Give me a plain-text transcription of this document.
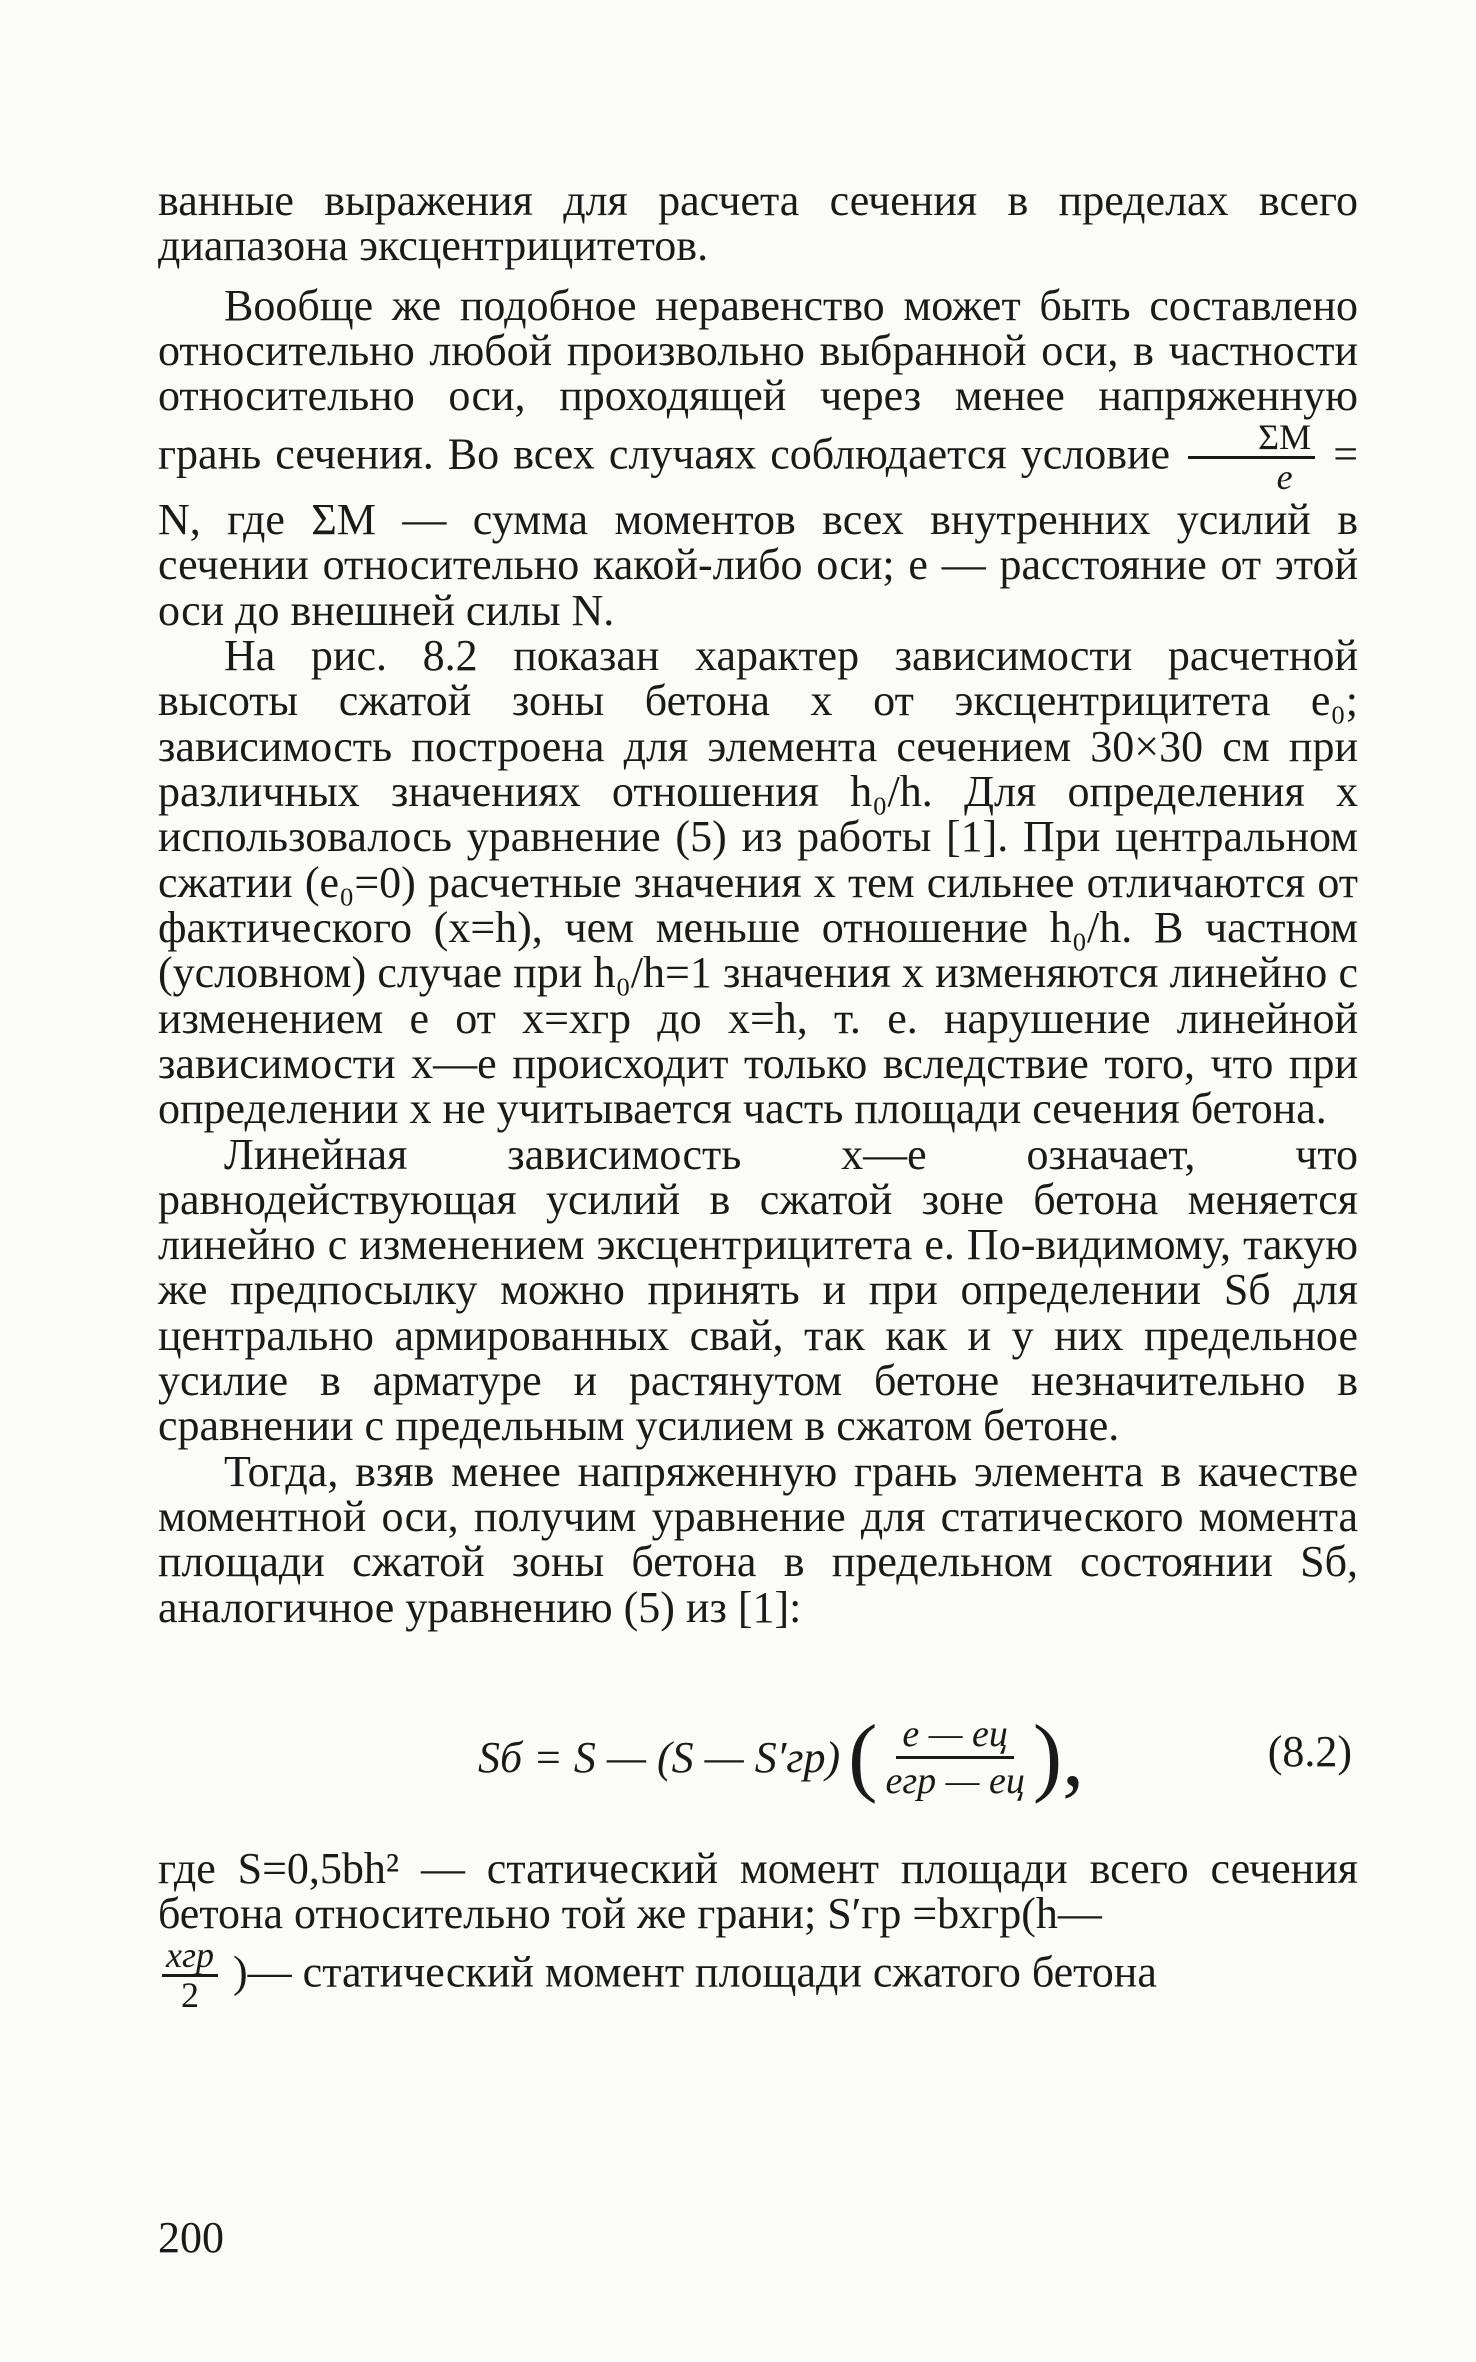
ванные выражения для расчета сечения в пределах всего диапазона эксцентрицитетов.

Вообще же подобное неравенство может быть составлено относительно любой произвольно выбранной оси, в частности относительно оси, проходящей через менее напряженную грань сечения. Во всех случаях соблюдается условие $\frac{\Sigma M}{e} = N$, где ΣM — сумма моментов всех внутренних усилий в сечении относительно какой-либо оси; e — расстояние от этой оси до внешней силы N.

На рис. 8.2 показан характер зависимости расчетной высоты сжатой зоны бетона x от эксцентрицитета e₀; зависимость построена для элемента сечением 30×30 см при различных значениях отношения h₀/h. Для определения x использовалось уравнение (5) из работы [1]. При центральном сжатии (e₀=0) расчетные значения x тем сильнее отличаются от фактического (x=h), чем меньше отношение h₀/h. В частном (условном) случае при h₀/h=1 значения x изменяются линейно с изменением e от x=xгр до x=h, т. е. нарушение линейной зависимости x—e происходит только вследствие того, что при определении x не учитывается часть площади сечения бетона.

Линейная зависимость x—e означает, что равнодействующая усилий в сжатой зоне бетона меняется линейно с изменением эксцентрицитета e. По-видимому, такую же предпосылку можно принять и при определении Sб для центрально армированных свай, так как и у них предельное усилие в арматуре и растянутом бетоне незначительно в сравнении с предельным усилием в сжатом бетоне.

Тогда, взяв менее напряженную грань элемента в качестве моментной оси, получим уравнение для статического момента площади сжатой зоны бетона в предельном состоянии Sб, аналогичное уравнению (5) из [1]:

Sб = S — (S — S′гр) ( $\frac{e — eц}{\text{eгр — eц}}$ ),	(8.2)

где S=0,5bh² — статический момент площади всего сечения бетона относительно той же грани; S′гр =bxгр(h—

$\frac{\text{xгр}}{2}$ )— статический момент площади сжатого бетона

200
